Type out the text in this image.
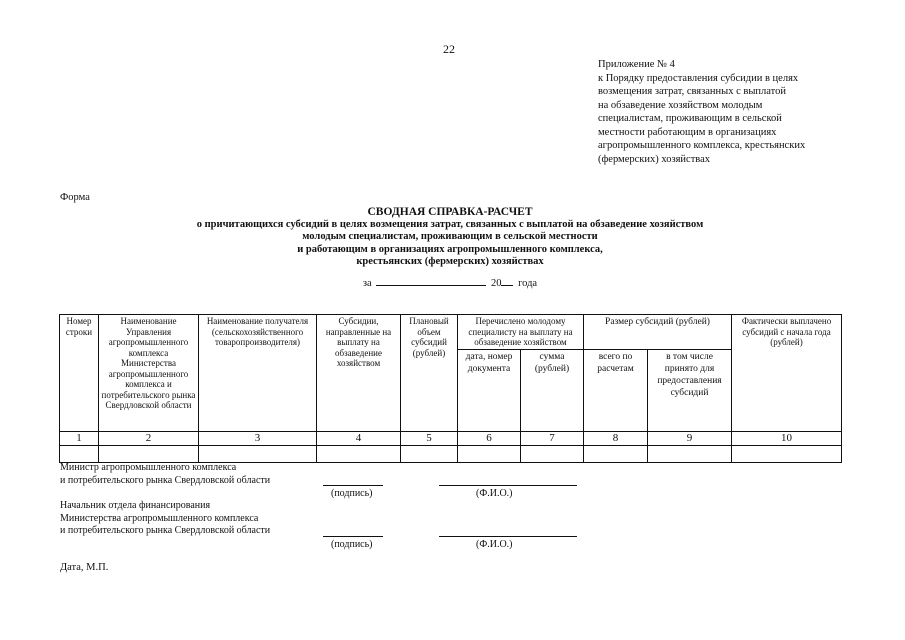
22
Приложение № 4
к Порядку предоставления субсидии в целях
возмещения затрат, связанных с выплатой
на обзаведение хозяйством молодым
специалистам, проживающим в сельской
местности работающим в организациях
агропромышленного комплекса, крестьянских
(фермерских) хозяйствах
Форма
СВОДНАЯ СПРАВКА-РАСЧЕТ
о причитающихся субсидий в целях возмещения затрат, связанных с выплатой на обзаведение хозяйством
молодым специалистам, проживающим в сельской местности
и работающим в организациях агропромышленного комплекса,
крестьянских (фермерских) хозяйствах
за	20 года
Номер строки	Наименование Управления агропромышленного комплекса Министерства агропромышленного комплекса и потребительского рынка Свердловской области	Наименование получателя (сельскохозяйственного товаропроизводителя)	Субсидии, направленные на выплату на обзаведение хозяйством	Плановый объем субсидий (рублей)	Перечислено молодому специалисту на выплату на обзаведение хозяйством		Размер субсидий (рублей)		Фактически выплачено субсидий с начала года (рублей)
					дата, номер документа	сумма (рублей)	всего по расчетам	в том числе принято для предоставления субсидий	
1	2	3	4	5	6	7	8	9	10

Министр агропромышленного комплекса
и потребительского рынка Свердловской области
(подпись)	(Ф.И.О.)
Начальник отдела финансирования
Министерства агропромышленного комплекса
и потребительского рынка Свердловской области
(подпись)	(Ф.И.О.)
Дата, М.П.
